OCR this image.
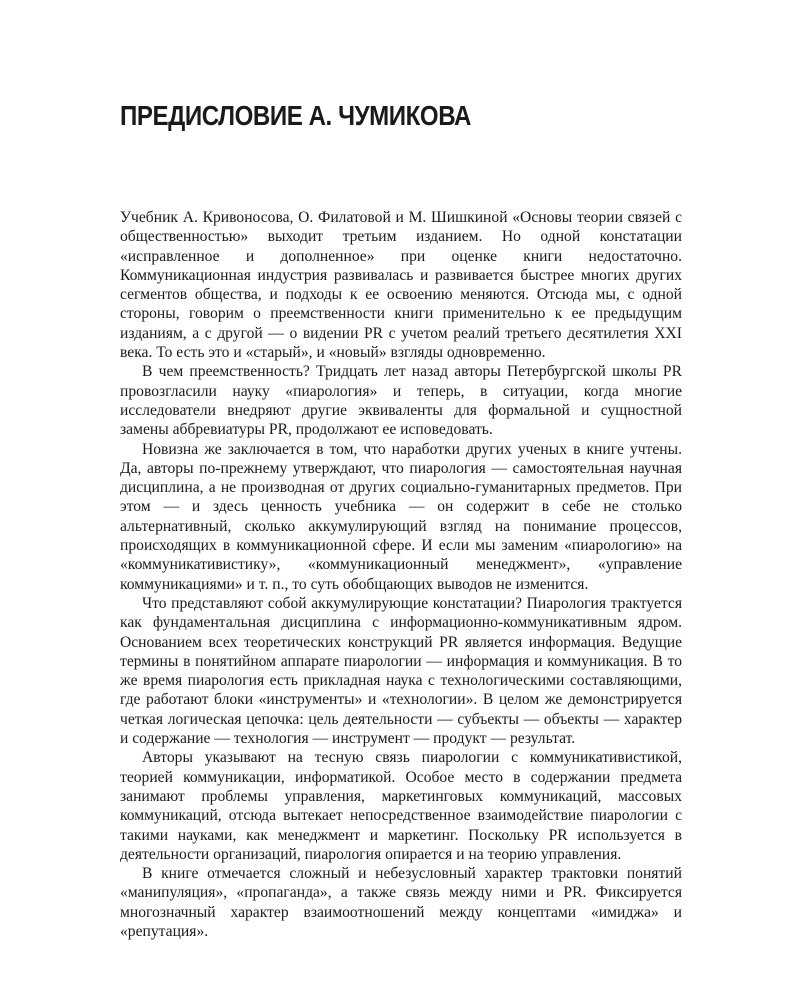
ПРЕДИСЛОВИЕ А. ЧУМИКОВА

Учебник А. Кривоносова, О. Филатовой и М. Шишкиной «Основы теории связей с общественностью» выходит третьим изданием. Но одной констатации «исправленное и дополненное» при оценке книги недостаточно. Коммуникационная индустрия развивалась и развивается быстрее многих других сегментов общества, и подходы к ее освоению меняются. Отсюда мы, с одной стороны, говорим о преемственности книги применительно к ее предыдущим изданиям, а с другой — о видении PR с учетом реалий третьего десятилетия XXI века. То есть это и «старый», и «новый» взгляды одновременно.

В чем преемственность? Тридцать лет назад авторы Петербургской школы PR провозгласили науку «пиарология» и теперь, в ситуации, когда многие исследователи внедряют другие эквиваленты для формальной и сущностной замены аббревиатуры PR, продолжают ее исповедовать.

Новизна же заключается в том, что наработки других ученых в книге учтены. Да, авторы по-прежнему утверждают, что пиарология — самостоятельная научная дисциплина, а не производная от других социально-гуманитарных предметов. При этом — и здесь ценность учебника — он содержит в себе не столько альтернативный, сколько аккумулирующий взгляд на понимание процессов, происходящих в коммуникационной сфере. И если мы заменим «пиарологию» на «коммуникативистику», «коммуникационный менеджмент», «управление коммуникациями» и т. п., то суть обобщающих выводов не изменится.

Что представляют собой аккумулирующие констатации? Пиарология трактуется как фундаментальная дисциплина с информационно-коммуникативным ядром. Основанием всех теоретических конструкций PR является информация. Ведущие термины в понятийном аппарате пиарологии — информация и коммуникация. В то же время пиарология есть прикладная наука с технологическими составляющими, где работают блоки «инструменты» и «технологии». В целом же демонстрируется четкая логическая цепочка: цель деятельности — субъекты — объекты — характер и содержание — технология — инструмент — продукт — результат.

Авторы указывают на тесную связь пиарологии с коммуникативистикой, теорией коммуникации, информатикой. Особое место в содержании предмета занимают проблемы управления, маркетинговых коммуникаций, массовых коммуникаций, отсюда вытекает непосредственное взаимодействие пиарологии с такими науками, как менеджмент и маркетинг. Поскольку PR используется в деятельности организаций, пиарология опирается и на теорию управления.

В книге отмечается сложный и небезусловный характер трактовки понятий «манипуляция», «пропаганда», а также связь между ними и PR. Фиксируется многозначный характер взаимоотношений между концептами «имиджа» и «репутация».
